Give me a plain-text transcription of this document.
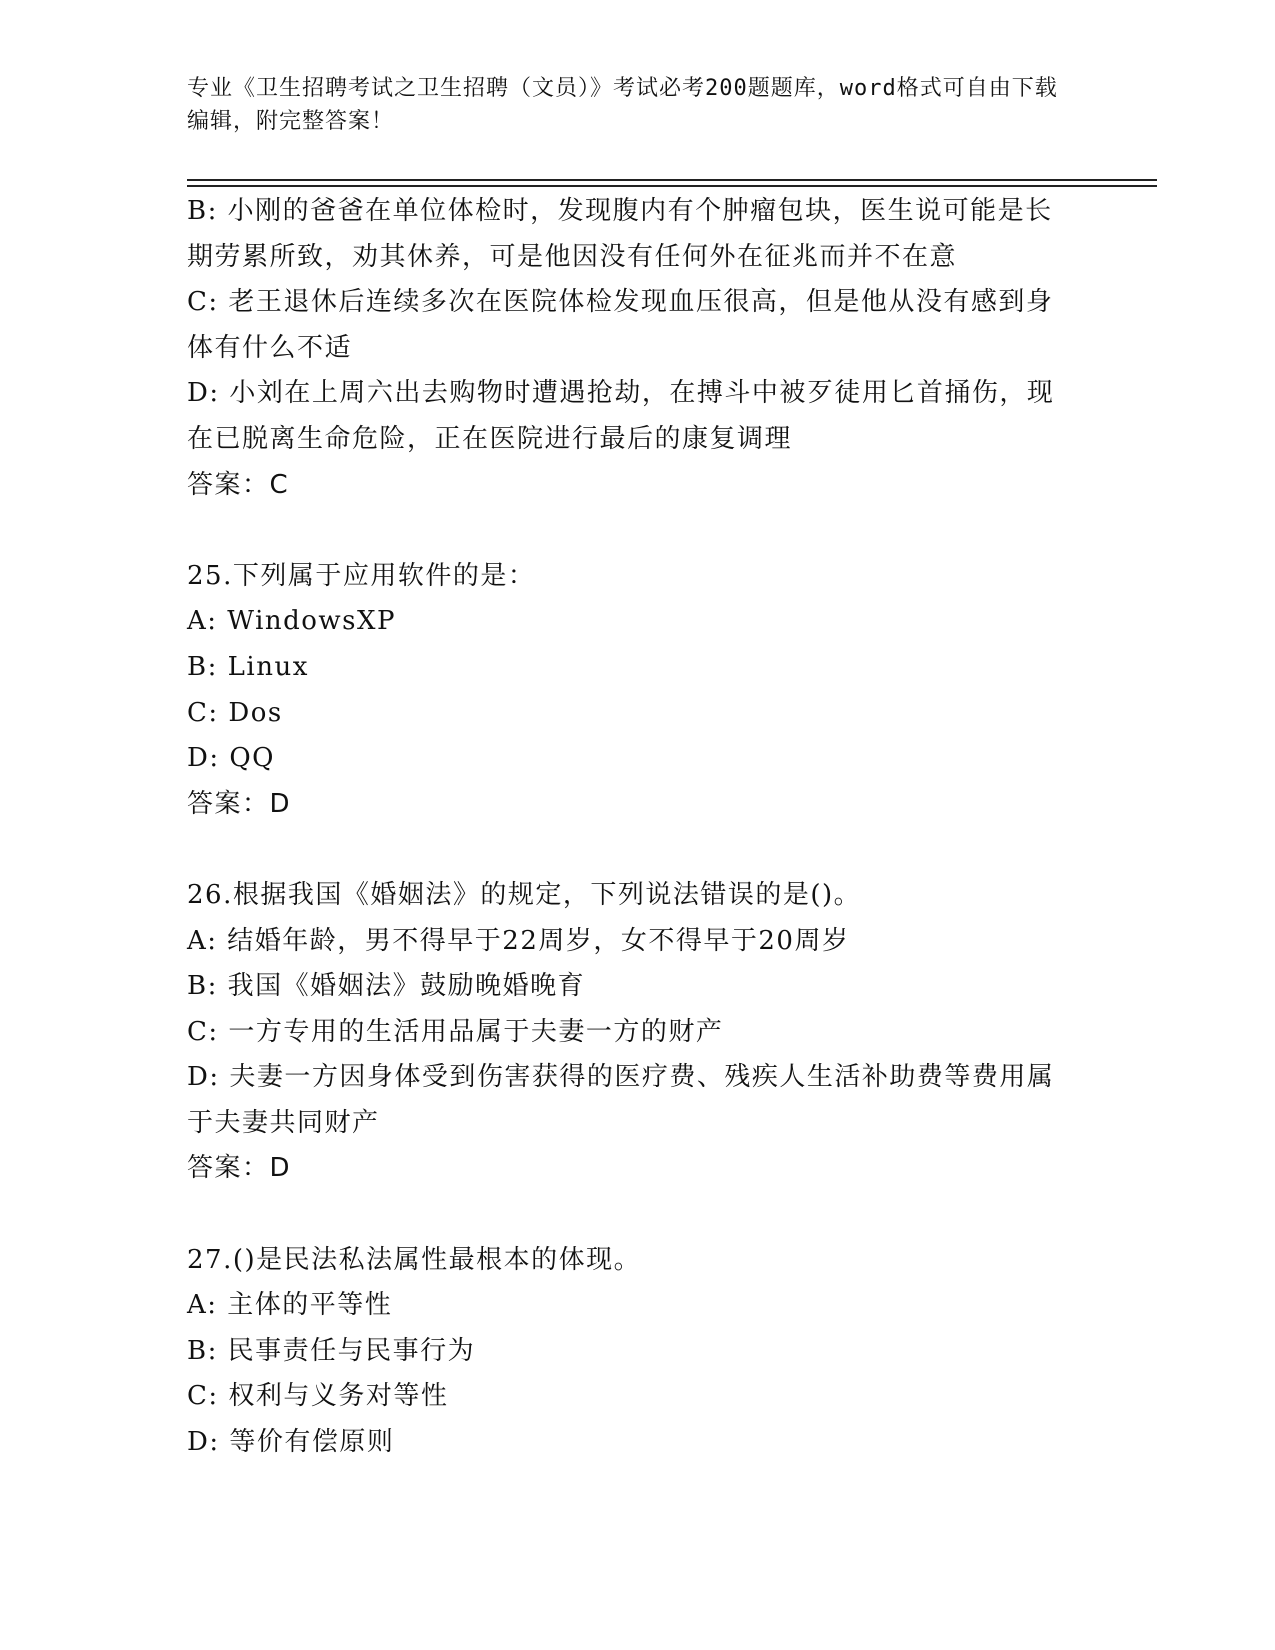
专业《卫生招聘考试之卫生招聘（文员）》考试必考200题题库，word格式可自由下载编辑，附完整答案！
B: 小刚的爸爸在单位体检时，发现腹内有个肿瘤包块，医生说可能是长期劳累所致，劝其休养，可是他因没有任何外在征兆而并不在意
C: 老王退休后连续多次在医院体检发现血压很高，但是他从没有感到身体有什么不适
D: 小刘在上周六出去购物时遭遇抢劫，在搏斗中被歹徒用匕首捅伤，现在已脱离生命危险，正在医院进行最后的康复调理
答案：C
25.下列属于应用软件的是：
A: WindowsXP
B: Linux
C: Dos
D: QQ
答案：D
26.根据我国《婚姻法》的规定，下列说法错误的是()。
A: 结婚年龄，男不得早于22周岁，女不得早于20周岁
B: 我国《婚姻法》鼓励晚婚晚育
C: 一方专用的生活用品属于夫妻一方的财产
D: 夫妻一方因身体受到伤害获得的医疗费、残疾人生活补助费等费用属于夫妻共同财产
答案：D
27.()是民法私法属性最根本的体现。
A: 主体的平等性
B: 民事责任与民事行为
C: 权利与义务对等性
D: 等价有偿原则
